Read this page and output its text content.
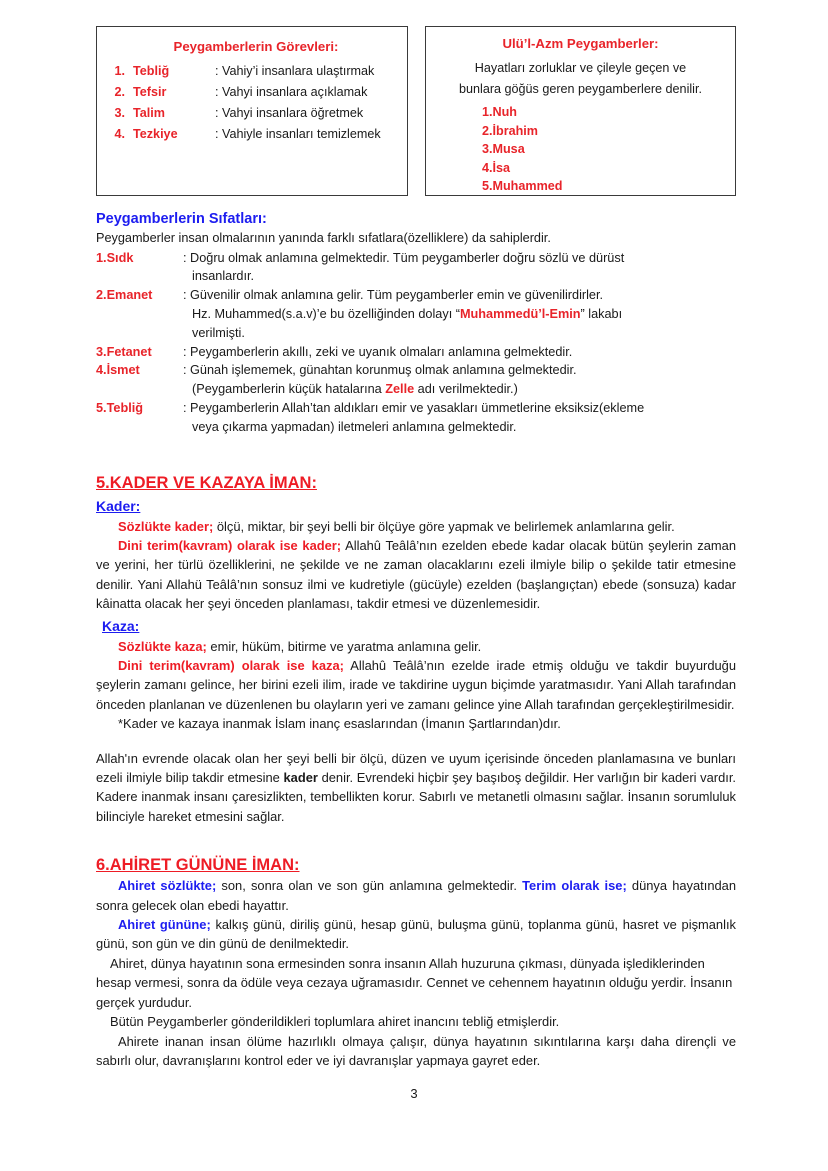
Peygamberlerin Görevleri:
1. Tebliğ	: Vahiy’i insanlara ulaştırmak
2. Tefsir	: Vahyi insanlara açıklamak
3. Talim	: Vahyi insanlara öğretmek
4. Tezkiye	: Vahiyle insanları temizlemek
Ulü’l-Azm Peygamberler:
Hayatları zorluklar ve çileyle geçen ve
bunlara göğüs geren peygamberlere denilir.
1.Nuh
2.İbrahim
3.Musa
4.İsa
5.Muhammed
Peygamberlerin Sıfatları:
Peygamberler insan olmalarının yanında farklı sıfatlara(özelliklere) da sahiplerdir.
1.Sıdk	: Doğru olmak anlamına gelmektedir. Tüm peygamberler doğru sözlü ve dürüst
insanlardır.
2.Emanet	: Güvenilir olmak anlamına gelir. Tüm peygamberler emin ve güvenilirdirler.
Hz. Muhammed(s.a.v)’e bu özelliğinden dolayı “Muhammedü’l-Emin” lakabı
verilmişti.
3.Fetanet	: Peygamberlerin akıllı, zeki ve uyanık olmaları anlamına gelmektedir.
4.İsmet	: Günah işlememek, günahtan korunmuş olmak anlamına gelmektedir.
(Peygamberlerin küçük hatalarına Zelle adı verilmektedir.)
5.Tebliğ	: Peygamberlerin Allah’tan aldıkları emir ve yasakları ümmetlerine eksiksiz(ekleme
veya çıkarma yapmadan) iletmeleri anlamına gelmektedir.
5.KADER VE KAZAYA İMAN:
Kader:
Sözlükte kader; ölçü, miktar, bir şeyi belli bir ölçüye göre yapmak ve belirlemek anlamlarına gelir.
Dini terim(kavram) olarak ise kader; Allahû Teâlâ’nın ezelden ebede kadar olacak bütün şeylerin zaman ve yerini, her türlü özelliklerini, ne şekilde ve ne zaman olacaklarını ezeli ilmiyle bilip o şekilde tatir etmesine denilir. Yani Allahü Teâlâ’nın sonsuz ilmi ve kudretiyle (gücüyle) ezelden (başlangıçtan) ebede (sonsuza) kadar kâinatta olacak her şeyi önceden planlaması, takdir etmesi ve düzenlemesidir.
Kaza:
Sözlükte kaza; emir, hüküm, bitirme ve yaratma anlamına gelir.
Dini terim(kavram) olarak ise kaza; Allahû Teâlâ’nın ezelde irade etmiş olduğu ve takdir buyurduğu şeylerin zamanı gelince, her birini ezeli ilim, irade ve takdirine uygun biçimde yaratmasıdır. Yani Allah tarafından önceden planlanan ve düzenlenen bu olayların yeri ve zamanı gelince yine Allah tarafından gerçekleştirilmesidir.
*Kader ve kazaya inanmak İslam inanç esaslarından (İmanın Şartlarından)dır.
Allah'ın evrende olacak olan her şeyi belli bir ölçü, düzen ve uyum içerisinde önceden planlamasına ve bunları ezeli ilmiyle bilip takdir etmesine kader denir. Evrendeki hiçbir şey başıboş değildir. Her varlığın bir kaderi vardır. Kadere inanmak insanı çaresizlikten, tembellikten korur. Sabırlı ve metanetli olmasını sağlar. İnsanın sorumluluk bilinciyle hareket etmesini sağlar.
6.AHİRET GÜNÜNE İMAN:
Ahiret sözlükte; son, sonra olan ve son gün anlamına gelmektedir. Terim olarak ise; dünya hayatından sonra gelecek olan ebedi hayattır.
Ahiret gününe; kalkış günü, diriliş günü, hesap günü, buluşma günü, toplanma günü, hasret ve pişmanlık günü, son gün ve din günü de denilmektedir.
Ahiret, dünya hayatının sona ermesinden sonra insanın Allah huzuruna çıkması, dünyada işlediklerinden hesap vermesi, sonra da ödüle veya cezaya uğramasıdır. Cennet ve cehennem hayatının olduğu yerdir. İnsanın gerçek yurdudur.
Bütün Peygamberler gönderildikleri toplumlara ahiret inancını tebliğ etmişlerdir.
Ahirete inanan insan ölüme hazırlıklı olmaya çalışır, dünya hayatının sıkıntılarına karşı daha dirençli ve sabırlı olur, davranışlarını kontrol eder ve iyi davranışlar yapmaya gayret eder.
3
